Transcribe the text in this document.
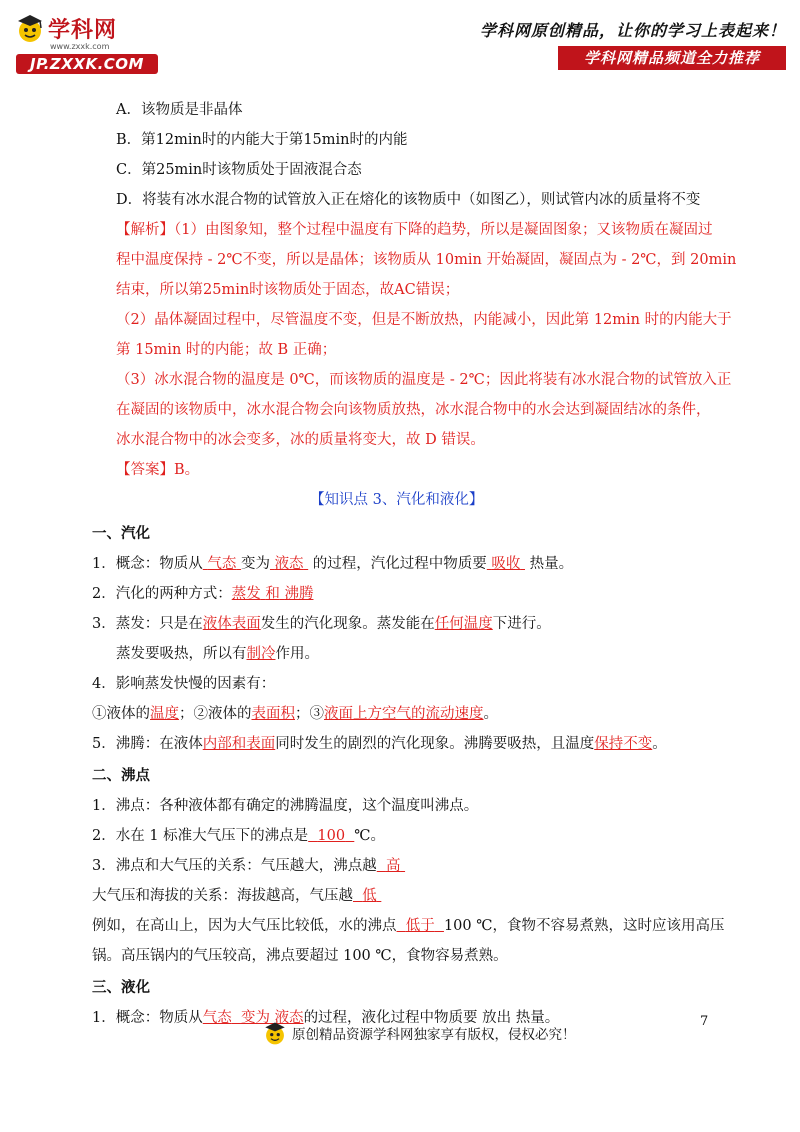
学科网
www.zxxk.com
JP.ZXXK.COM
学科网原创精品，让你的学习上表起来！
学科网精品频道全力推荐
A．该物质是非晶体
B．第12min时的内能大于第15min时的内能
C．第25min时该物质处于固液混合态
D．将装有冰水混合物的试管放入正在熔化的该物质中（如图乙），则试管内冰的质量将不变
【解析】（1）由图象知，整个过程中温度有下降的趋势，所以是凝固图象；又该物质在凝固过
程中温度保持 - 2℃不变，所以是晶体；该物质从 10min 开始凝固，凝固点为 - 2℃，到 20min
结束，所以第25min时该物质处于固态，故AC错误；
（2）晶体凝固过程中，尽管温度不变，但是不断放热，内能减小，因此第 12min 时的内能大于
第 15min 时的内能；故 B 正确；
（3）冰水混合物的温度是 0℃，而该物质的温度是 - 2℃；因此将装有冰水混合物的试管放入正
在凝固的该物质中，冰水混合物会向该物质放热，冰水混合物中的水会达到凝固结冰的条件，
冰水混合物中的冰会变多，冰的质量将变大，故 D 错误。
【答案】B。
【知识点 3、汽化和液化】
一、汽化
1．概念：物质从 气态 变为 液态 的过程，汽化过程中物质要 吸收 热量。
2．汽化的两种方式：蒸发 和 沸腾
3．蒸发：只是在液体表面发生的汽化现象。蒸发能在任何温度下进行。
蒸发要吸热，所以有制冷作用。
4．影响蒸发快慢的因素有：
①液体的温度；②液体的表面积；③液面上方空气的流动速度。
5．沸腾：在液体内部和表面同时发生的剧烈的汽化现象。沸腾要吸热，且温度保持不变。
二、沸点
1．沸点：各种液体都有确定的沸腾温度，这个温度叫沸点。
2．水在 1 标准大气压下的沸点是 100 ℃。
3．沸点和大气压的关系：气压越大，沸点越 高
大气压和海拔的关系：海拔越高，气压越 低
例如，在高山上，因为大气压比较低，水的沸点 低于 100 ℃，食物不容易煮熟，这时应该用高压
锅。高压锅内的气压较高，沸点要超过 100 ℃，食物容易煮熟。
三、液化
1．概念：物质从气态 变为 液态的过程，液化过程中物质要 放出 热量。	7
原创精品资源学科网独家享有版权，侵权必究！
